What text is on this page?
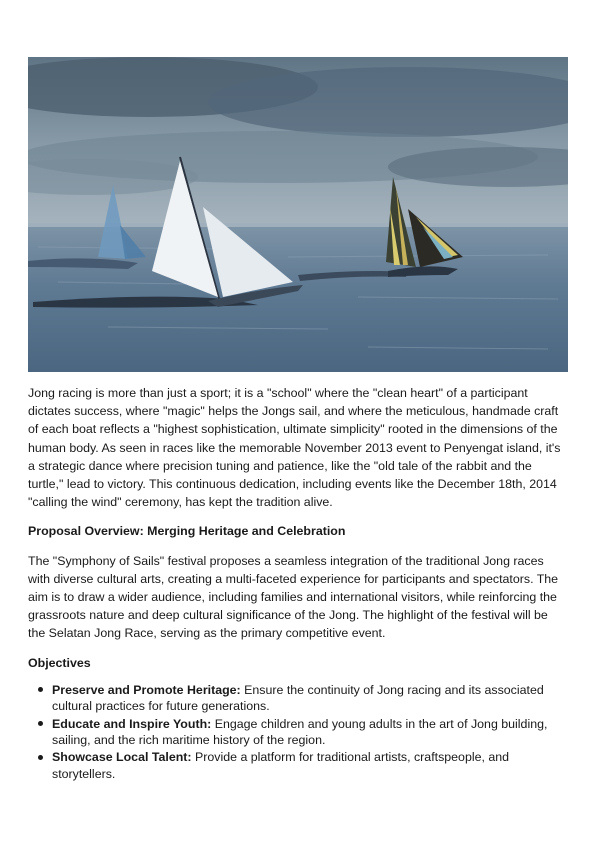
Jong racing is more than just a sport; it is a "school" where the "clean heart" of a participant dictates success, where "magic" helps the Jongs sail, and where the meticulous, handmade craft of each boat reflects a "highest sophistication, ultimate simplicity" rooted in the dimensions of the human body. As seen in races like the memorable November 2013 event to Penyengat island, it's a strategic dance where precision tuning and patience, like the "old tale of the rabbit and the turtle," lead to victory. This continuous dedication, including events like the December 18th, 2014 "calling the wind" ceremony, has kept the tradition alive.

Proposal Overview: Merging Heritage and Celebration

The "Symphony of Sails" festival proposes a seamless integration of the traditional Jong races with diverse cultural arts, creating a multi-faceted experience for participants and spectators. The aim is to draw a wider audience, including families and international visitors, while reinforcing the grassroots nature and deep cultural significance of the Jong. The highlight of the festival will be the Selatan Jong Race, serving as the primary competitive event.

Objectives

Preserve and Promote Heritage: Ensure the continuity of Jong racing and its associated cultural practices for future generations.
Educate and Inspire Youth: Engage children and young adults in the art of Jong building, sailing, and the rich maritime history of the region.
Showcase Local Talent: Provide a platform for traditional artists, craftspeople, and storytellers.
